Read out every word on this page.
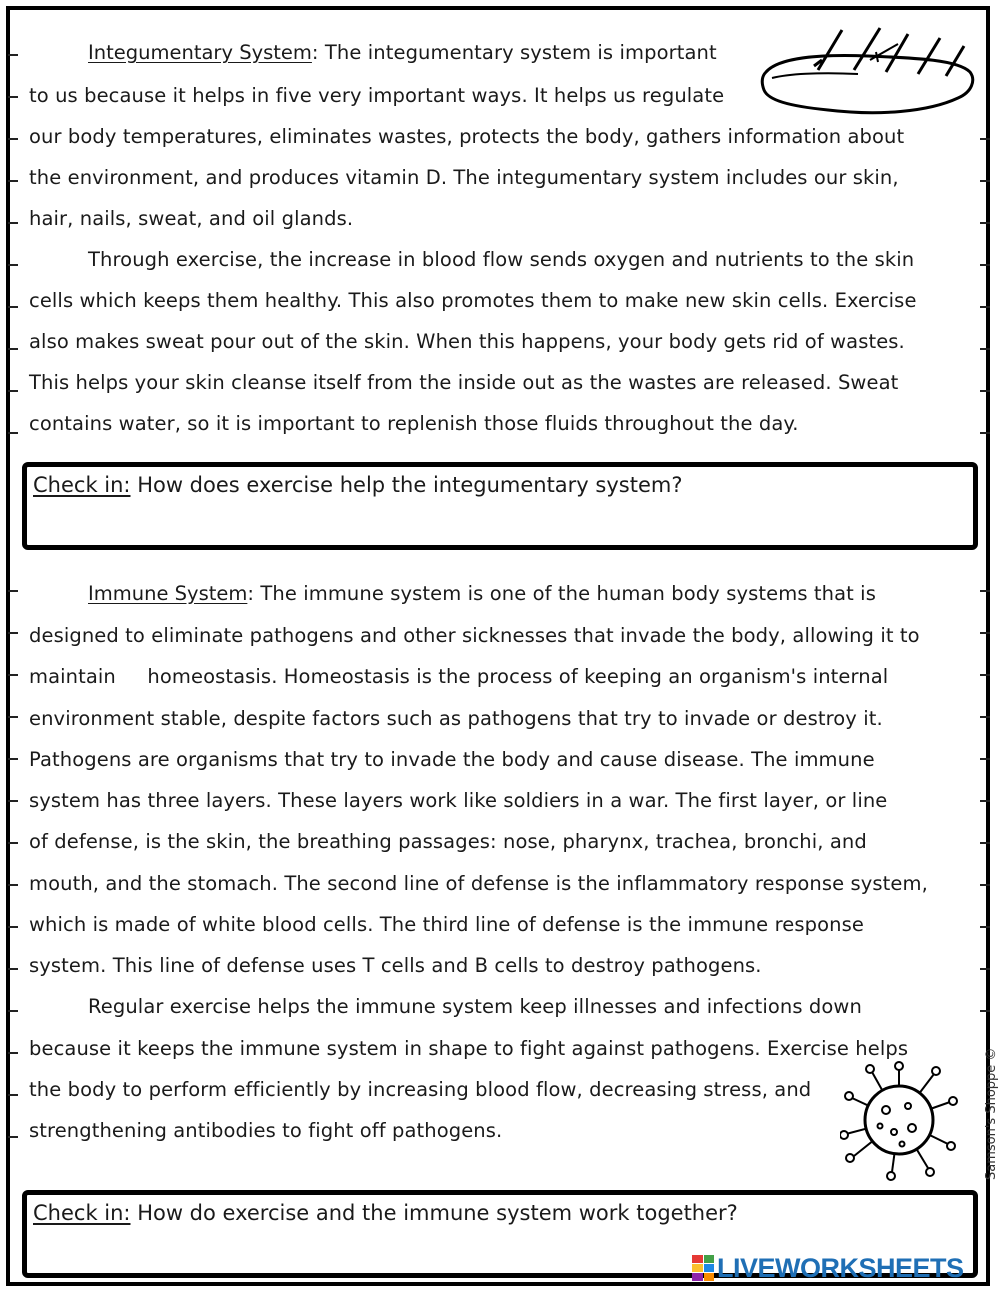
Integumentary System: The integumentary system is important
to us because it helps in five very important ways. It helps us regulate
our body temperatures, eliminates wastes, protects the body, gathers information about
the environment, and produces vitamin D. The integumentary system includes our skin,
hair, nails, sweat, and oil glands.
Through exercise, the increase in blood flow sends oxygen and nutrients to the skin
cells which keeps them healthy. This also promotes them to make new skin cells. Exercise
also makes sweat pour out of the skin. When this happens, your body gets rid of wastes.
This helps your skin cleanse itself from the inside out as the wastes are released. Sweat
contains water, so it is important to replenish those fluids throughout the day.
Check in: How does exercise help the integumentary system?
Immune System: The immune system is one of the human body systems that is
designed to eliminate pathogens and other sicknesses that invade the body, allowing it to
maintain     homeostasis. Homeostasis is the process of keeping an organism's internal
environment stable, despite factors such as pathogens that try to invade or destroy it.
Pathogens are organisms that try to invade the body and cause disease. The immune
system has three layers. These layers work like soldiers in a war. The first layer, or line
of defense, is the skin, the breathing passages: nose, pharynx, trachea, bronchi, and
mouth, and the stomach. The second line of defense is the inflammatory response system,
which is made of white blood cells. The third line of defense is the immune response
system. This line of defense uses T cells and B cells to destroy pathogens.
Regular exercise helps the immune system keep illnesses and infections down
because it keeps the immune system in shape to fight against pathogens. Exercise helps
the body to perform efficiently by increasing blood flow, decreasing stress, and
strengthening antibodies to fight off pathogens.	Samson's Shoppe ©
Check in: How do exercise and the immune system work together?
LIVEWORKSHEETS
